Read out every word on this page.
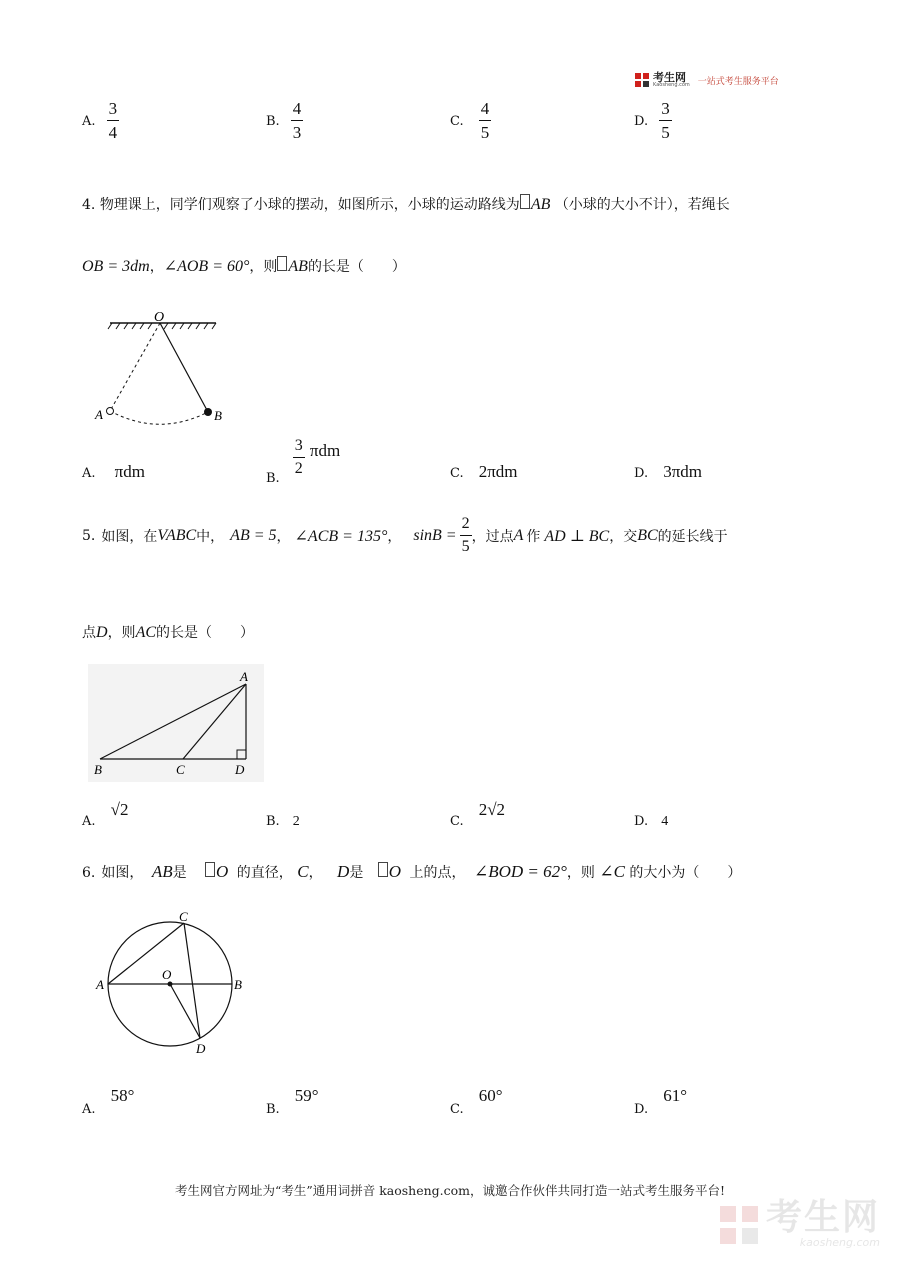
考生网
Kaosheng.com 一站式考生服务平台
A. $\frac{3}{4}$	B. $\frac{4}{3}$	C. $\frac{4}{5}$	D. $\frac{3}{5}$
4. 物理课上，同学们观察了小球的摆动，如图所示，小球的运动路线为 AB （小球的大小不计），若绳长
OB = 3dm，∠AOB = 60°，则 AB的长是（　　）
O
A	B
A. πdm	$_{B.}$
$\frac{3}{2}$ πdm
C. 2πdm	D. 3πdm
5. 如图，在 VABC 中， AB = 5 ， ∠ACB = 135° ， $\sin B = \frac{2}{5}$ ，过点 A 作 AD ⊥ BC ，交 BC 的延长线于
点D，则AC的长是（　　）
A
B	C	D
$_{A.}$ √2
B. 2	$_{C.}$ 2√2
D. 4
6. 如图， AB是 O 的直径， C， D是 O 上的点， ∠BOD = 62°，则 ∠C 的大小为（　　）
C
A	B
O
D
$_{A.}$ 58°
$_{B.}$ 59°
$_{C.}$ 60°
$_{D.}$ 61°
考生网官方网址为“考生”通用词拼音 kaosheng.com，诚邀合作伙伴共同打造一站式考生服务平台!
考生网
kaosheng.com
